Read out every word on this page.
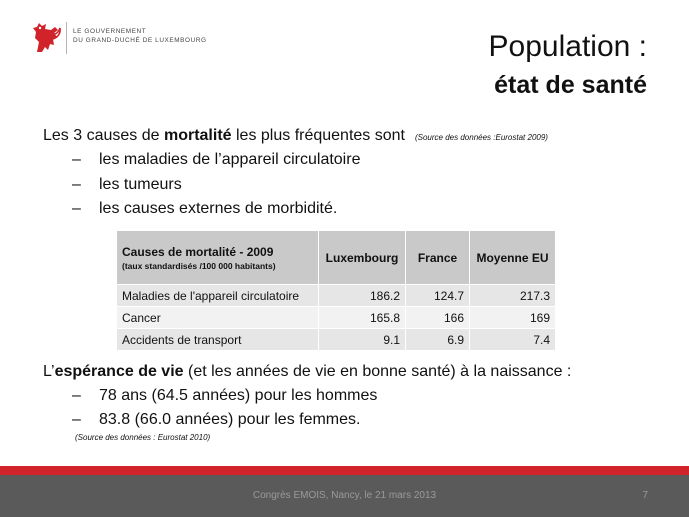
LE GOUVERNEMENT
DU GRAND-DUCHÉ DE LUXEMBOURG	Population :
état de santé
Les 3 causes de mortalité les plus fréquentes sont (Source des données :Eurostat 2009)
– les maladies de l’appareil circulatoire
– les tumeurs
– les causes externes de morbidité.
Causes de mortalité - 2009
(taux standardisés /100 000 habitants)	Luxembourg	France	Moyenne EU
Maladies de l'appareil circulatoire	186.2	124.7	217.3
Cancer	165.8	166	169
Accidents de transport	9.1	6.9	7.4
L’espérance de vie (et les années de vie en bonne santé) à la naissance :
– 78 ans (64.5 années) pour les hommes
– 83.8 (66.0 années) pour les femmes.
(Source des données : Eurostat 2010)
Congrès EMOIS, Nancy, le 21 mars 2013	7
